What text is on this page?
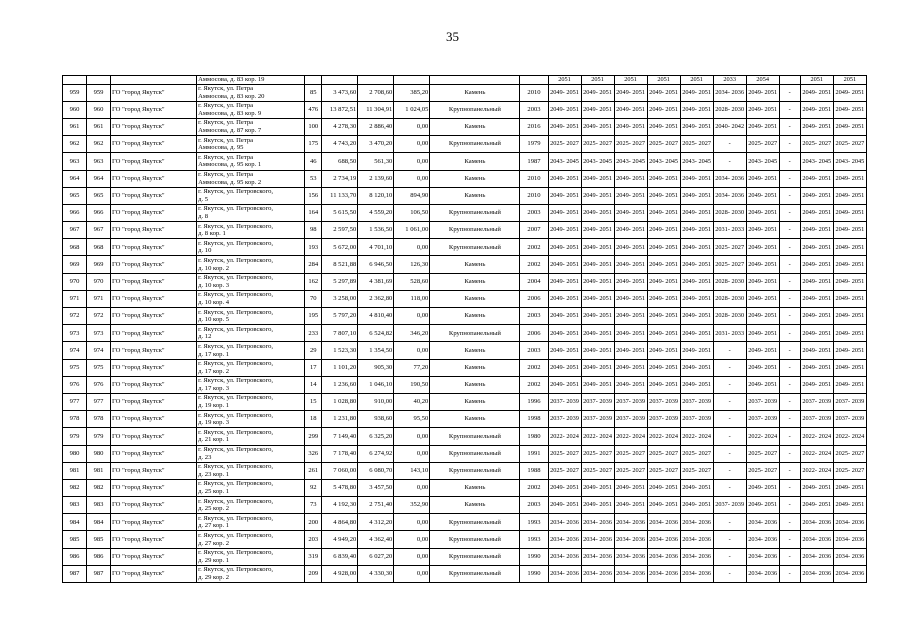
35
			Аммосова, д. 83 кор. 19							2051	2051	2051	2051	2051	2033	2054		2051	2051
959	959	ГО "город Якутск"	г. Якутск, ул. Петра
Аммосова, д. 83 кор. 20	85	3 473,60	2 708,60	385,20	Камень	2010	2049- 2051	2049- 2051	2049- 2051	2049- 2051	2049- 2051	2034- 2036	2049- 2051	-	2049- 2051	2049- 2051
960	960	ГО "город Якутск"	г. Якутск, ул. Петра
Аммосова, д. 83 кор. 9	476	13 872,51	11 304,91	1 024,05	Крупнопанельный	2003	2049- 2051	2049- 2051	2049- 2051	2049- 2051	2049- 2051	2028- 2030	2049- 2051	-	2049- 2051	2049- 2051
961	961	ГО "город Якутск"	г. Якутск, ул. Петра
Аммосова, д. 87 кор. 7	100	4 278,30	2 886,40	0,00	Камень	2016	2049- 2051	2049- 2051	2049- 2051	2049- 2051	2049- 2051	2040- 2042	2049- 2051	-	2049- 2051	2049- 2051
962	962	ГО "город Якутск"	г. Якутск, ул. Петра
Аммосова, д. 95	175	4 743,20	3 470,20	0,00	Крупнопанельный	1979	2025- 2027	2025- 2027	2025- 2027	2025- 2027	2025- 2027	-	2025- 2027	-	2025- 2027	2025- 2027
963	963	ГО "город Якутск"	г. Якутск, ул. Петра
Аммосова, д. 95 кор. 1	46	688,50	561,30	0,00	Камень	1987	2043- 2045	2043- 2045	2043- 2045	2043- 2045	2043- 2045	-	2043- 2045	-	2043- 2045	2043- 2045
964	964	ГО "город Якутск"	г. Якутск, ул. Петра
Аммосова, д. 95 кор. 2	53	2 734,19	2 139,60	0,00	Камень	2010	2049- 2051	2049- 2051	2049- 2051	2049- 2051	2049- 2051	2034- 2036	2049- 2051	-	2049- 2051	2049- 2051
965	965	ГО "город Якутск"	г. Якутск, ул. Петровского,
д. 5	156	11 133,70	8 120,10	894,90	Камень	2010	2049- 2051	2049- 2051	2049- 2051	2049- 2051	2049- 2051	2034- 2036	2049- 2051	-	2049- 2051	2049- 2051
966	966	ГО "город Якутск"	г. Якутск, ул. Петровского,
д. 8	164	5 615,50	4 559,20	106,50	Крупнопанельный	2003	2049- 2051	2049- 2051	2049- 2051	2049- 2051	2049- 2051	2028- 2030	2049- 2051	-	2049- 2051	2049- 2051
967	967	ГО "город Якутск"	г. Якутск, ул. Петровского,
д. 8 кор. 1	98	2 597,50	1 536,50	1 061,00	Крупнопанельный	2007	2049- 2051	2049- 2051	2049- 2051	2049- 2051	2049- 2051	2031- 2033	2049- 2051	-	2049- 2051	2049- 2051
968	968	ГО "город Якутск"	г. Якутск, ул. Петровского,
д. 10	193	5 672,00	4 701,10	0,00	Крупнопанельный	2002	2049- 2051	2049- 2051	2049- 2051	2049- 2051	2049- 2051	2025- 2027	2049- 2051	-	2049- 2051	2049- 2051
969	969	ГО "город Якутск"	г. Якутск, ул. Петровского,
д. 10 кор. 2	284	8 521,88	6 946,50	126,30	Камень	2002	2049- 2051	2049- 2051	2049- 2051	2049- 2051	2049- 2051	2025- 2027	2049- 2051	-	2049- 2051	2049- 2051
970	970	ГО "город Якутск"	г. Якутск, ул. Петровского,
д. 10 кор. 3	162	5 297,89	4 381,69	528,60	Камень	2004	2049- 2051	2049- 2051	2049- 2051	2049- 2051	2049- 2051	2028- 2030	2049- 2051	-	2049- 2051	2049- 2051
971	971	ГО "город Якутск"	г. Якутск, ул. Петровского,
д. 10 кор. 4	70	3 258,00	2 362,80	118,00	Камень	2006	2049- 2051	2049- 2051	2049- 2051	2049- 2051	2049- 2051	2028- 2030	2049- 2051	-	2049- 2051	2049- 2051
972	972	ГО "город Якутск"	г. Якутск, ул. Петровского,
д. 10 кор. 5	195	5 797,20	4 810,40	0,00	Камень	2003	2049- 2051	2049- 2051	2049- 2051	2049- 2051	2049- 2051	2028- 2030	2049- 2051	-	2049- 2051	2049- 2051
973	973	ГО "город Якутск"	г. Якутск, ул. Петровского,
д. 12	233	7 807,10	6 524,82	346,20	Крупнопанельный	2006	2049- 2051	2049- 2051	2049- 2051	2049- 2051	2049- 2051	2031- 2033	2049- 2051	-	2049- 2051	2049- 2051
974	974	ГО "город Якутск"	г. Якутск, ул. Петровского,
д. 17 кор. 1	29	1 523,30	1 354,50	0,00	Камень	2003	2049- 2051	2049- 2051	2049- 2051	2049- 2051	2049- 2051	-	2049- 2051	-	2049- 2051	2049- 2051
975	975	ГО "город Якутск"	г. Якутск, ул. Петровского,
д. 17 кор. 2	17	1 101,20	905,30	77,20	Камень	2002	2049- 2051	2049- 2051	2049- 2051	2049- 2051	2049- 2051	-	2049- 2051	-	2049- 2051	2049- 2051
976	976	ГО "город Якутск"	г. Якутск, ул. Петровского,
д. 17 кор. 3	14	1 236,60	1 046,10	190,50	Камень	2002	2049- 2051	2049- 2051	2049- 2051	2049- 2051	2049- 2051	-	2049- 2051	-	2049- 2051	2049- 2051
977	977	ГО "город Якутск"	г. Якутск, ул. Петровского,
д. 19 кор. 1	15	1 028,80	910,00	40,20	Камень	1996	2037- 2039	2037- 2039	2037- 2039	2037- 2039	2037- 2039	-	2037- 2039	-	2037- 2039	2037- 2039
978	978	ГО "город Якутск"	г. Якутск, ул. Петровского,
д. 19 кор. 3	18	1 231,80	938,60	95,50	Камень	1998	2037- 2039	2037- 2039	2037- 2039	2037- 2039	2037- 2039	-	2037- 2039	-	2037- 2039	2037- 2039
979	979	ГО "город Якутск"	г. Якутск, ул. Петровского,
д. 21 кор. 1	299	7 149,40	6 325,20	0,00	Крупнопанельный	1980	2022- 2024	2022- 2024	2022- 2024	2022- 2024	2022- 2024	-	2022- 2024	-	2022- 2024	2022- 2024
980	980	ГО "город Якутск"	г. Якутск, ул. Петровского,
д. 23	326	7 178,40	6 274,92	0,00	Крупнопанельный	1991	2025- 2027	2025- 2027	2025- 2027	2025- 2027	2025- 2027	-	2025- 2027	-	2022- 2024	2025- 2027
981	981	ГО "город Якутск"	г. Якутск, ул. Петровского,
д. 23 кор. 1	261	7 060,00	6 080,70	143,10	Крупнопанельный	1988	2025- 2027	2025- 2027	2025- 2027	2025- 2027	2025- 2027	-	2025- 2027	-	2022- 2024	2025- 2027
982	982	ГО "город Якутск"	г. Якутск, ул. Петровского,
д. 25 кор. 1	92	5 478,80	3 457,50	0,00	Камень	2002	2049- 2051	2049- 2051	2049- 2051	2049- 2051	2049- 2051	-	2049- 2051	-	2049- 2051	2049- 2051
983	983	ГО "город Якутск"	г. Якутск, ул. Петровского,
д. 25 кор. 2	73	4 192,30	2 751,40	352,90	Камень	2003	2049- 2051	2049- 2051	2049- 2051	2049- 2051	2049- 2051	2037- 2039	2049- 2051	-	2049- 2051	2049- 2051
984	984	ГО "город Якутск"	г. Якутск, ул. Петровского,
д. 27 кор. 1	200	4 864,80	4 312,20	0,00	Крупнопанельный	1993	2034- 2036	2034- 2036	2034- 2036	2034- 2036	2034- 2036	-	2034- 2036	-	2034- 2036	2034- 2036
985	985	ГО "город Якутск"	г. Якутск, ул. Петровского,
д. 27 кор. 2	203	4 949,20	4 362,40	0,00	Крупнопанельный	1993	2034- 2036	2034- 2036	2034- 2036	2034- 2036	2034- 2036	-	2034- 2036	-	2034- 2036	2034- 2036
986	986	ГО "город Якутск"	г. Якутск, ул. Петровского,
д. 29 кор. 1	319	6 839,40	6 027,20	0,00	Крупнопанельный	1990	2034- 2036	2034- 2036	2034- 2036	2034- 2036	2034- 2036	-	2034- 2036	-	2034- 2036	2034- 2036
987	987	ГО "город Якутск"	г. Якутск, ул. Петровского,
д. 29 кор. 2	209	4 928,00	4 330,30	0,00	Крупнопанельный	1990	2034- 2036	2034- 2036	2034- 2036	2034- 2036	2034- 2036	-	2034- 2036	-	2034- 2036	2034- 2036
